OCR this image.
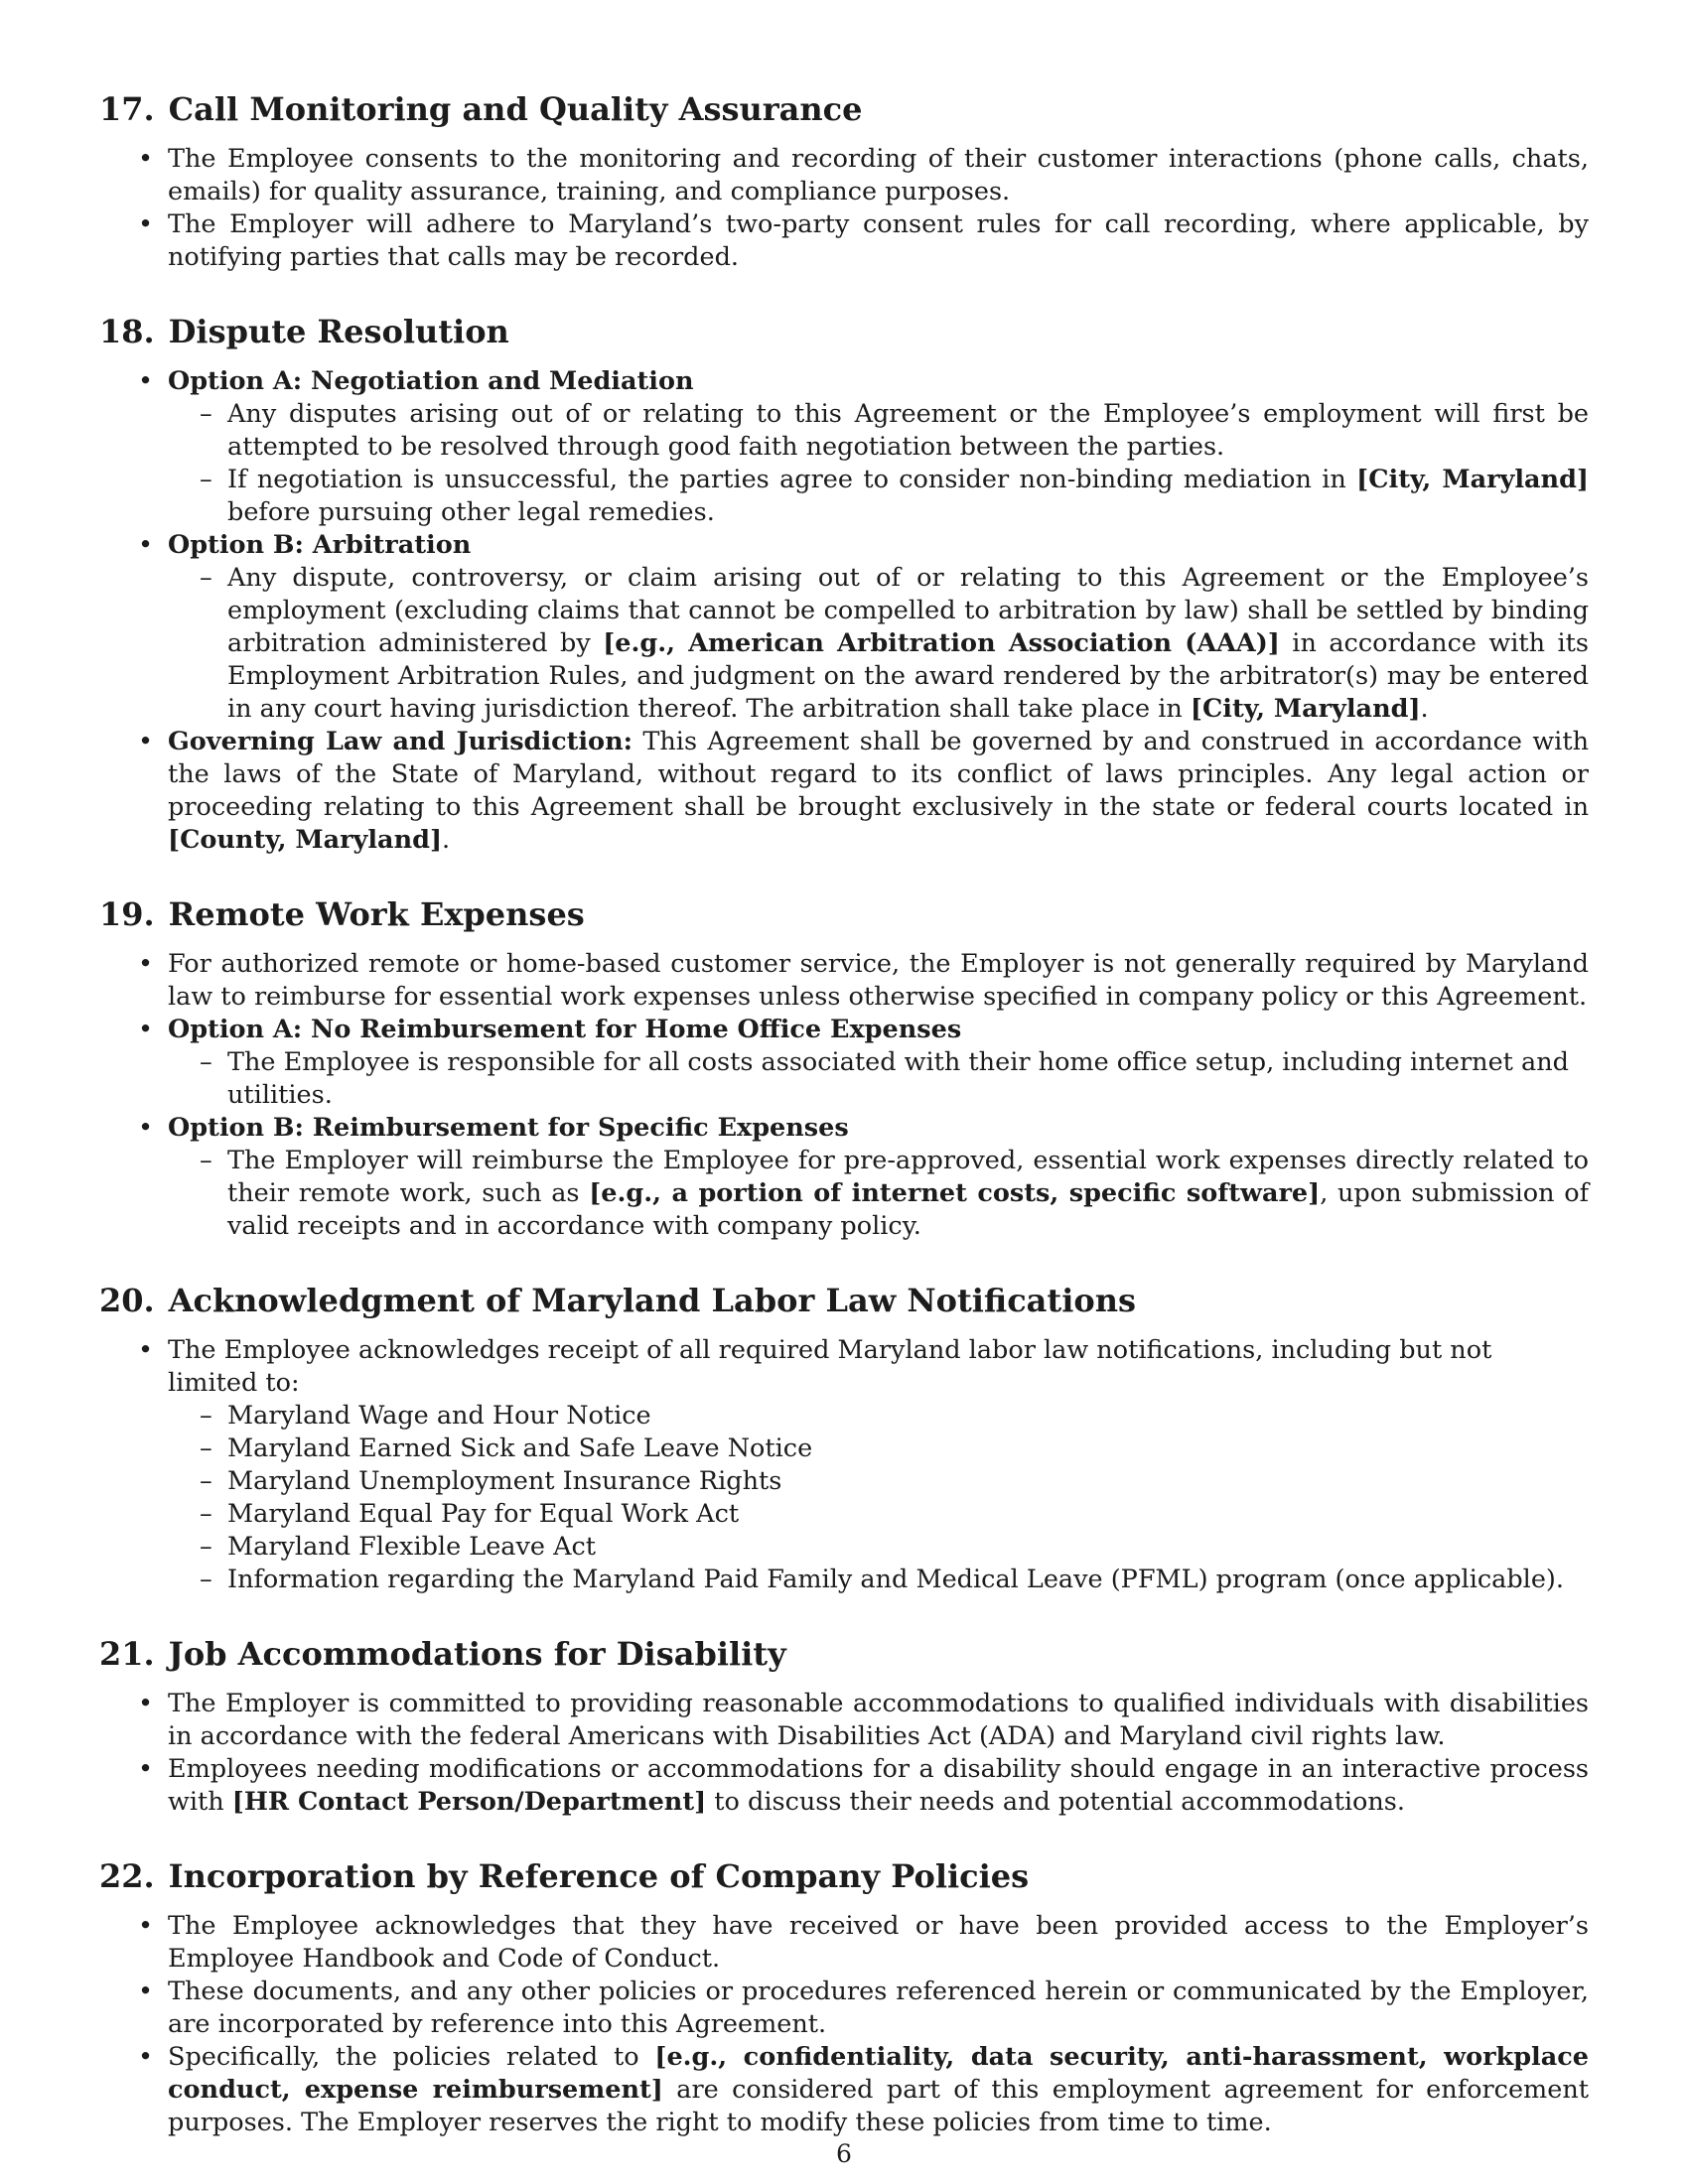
17. Call Monitoring and Quality Assurance
• The Employee consents to the monitoring and recording of their customer interactions (phone calls, chats, emails) for quality assurance, training, and compliance purposes.
• The Employer will adhere to Maryland’s two-party consent rules for call recording, where applicable, by notifying parties that calls may be recorded.
18. Dispute Resolution
• Option A: Negotiation and Mediation
– Any disputes arising out of or relating to this Agreement or the Employee’s employment will first be attempted to be resolved through good faith negotiation between the parties.
– If negotiation is unsuccessful, the parties agree to consider non-binding mediation in [City, Maryland] before pursuing other legal remedies.
• Option B: Arbitration
– Any dispute, controversy, or claim arising out of or relating to this Agreement or the Employee’s employment (excluding claims that cannot be compelled to arbitration by law) shall be settled by binding arbitration administered by [e.g., American Arbitration Association (AAA)] in accordance with its Employment Arbitration Rules, and judgment on the award rendered by the arbitrator(s) may be entered in any court having jurisdiction thereof. The arbitration shall take place in [City, Maryland].
• Governing Law and Jurisdiction: This Agreement shall be governed by and construed in accordance with the laws of the State of Maryland, without regard to its conflict of laws principles. Any legal action or proceeding relating to this Agreement shall be brought exclusively in the state or federal courts located in [County, Maryland].
19. Remote Work Expenses
• For authorized remote or home-based customer service, the Employer is not generally required by Maryland law to reimburse for essential work expenses unless otherwise specified in company policy or this Agreement.
• Option A: No Reimbursement for Home Office Expenses
– The Employee is responsible for all costs associated with their home office setup, including internet and utilities.
• Option B: Reimbursement for Specific Expenses
– The Employer will reimburse the Employee for pre-approved, essential work expenses directly related to their remote work, such as [e.g., a portion of internet costs, specific software], upon submission of valid receipts and in accordance with company policy.
20. Acknowledgment of Maryland Labor Law Notifications
• The Employee acknowledges receipt of all required Maryland labor law notifications, including but not limited to:
– Maryland Wage and Hour Notice
– Maryland Earned Sick and Safe Leave Notice
– Maryland Unemployment Insurance Rights
– Maryland Equal Pay for Equal Work Act
– Maryland Flexible Leave Act
– Information regarding the Maryland Paid Family and Medical Leave (PFML) program (once applicable).
21. Job Accommodations for Disability
• The Employer is committed to providing reasonable accommodations to qualified individuals with disabilities in accordance with the federal Americans with Disabilities Act (ADA) and Maryland civil rights law.
• Employees needing modifications or accommodations for a disability should engage in an interactive process with [HR Contact Person/Department] to discuss their needs and potential accommodations.
22. Incorporation by Reference of Company Policies
• The Employee acknowledges that they have received or have been provided access to the Employer’s Employee Handbook and Code of Conduct.
• These documents, and any other policies or procedures referenced herein or communicated by the Employer, are incorporated by reference into this Agreement.
• Specifically, the policies related to [e.g., confidentiality, data security, anti-harassment, workplace conduct, expense reimbursement] are considered part of this employment agreement for enforcement purposes. The Employer reserves the right to modify these policies from time to time.
6
